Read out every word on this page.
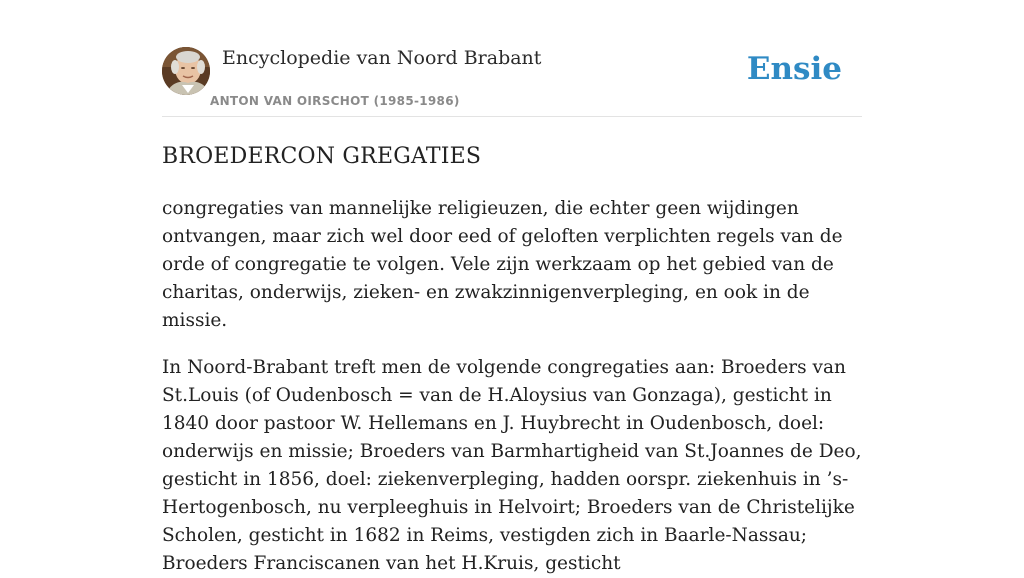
Encyclopedie van Noord Brabant
ANTON VAN OIRSCHOT (1985-1986)
Ensie
BROEDERCON GREGATIES

congregaties van mannelijke religieuzen, die echter geen wijdingen ontvangen, maar zich wel door eed of geloften verplichten regels van de orde of congregatie te volgen. Vele zijn werkzaam op het gebied van de charitas, onderwijs, zieken- en zwakzinnigenverpleging, en ook in de missie.

In Noord-Brabant treft men de volgende congregaties aan: Broeders van St.Louis (of Oudenbosch = van de H.Aloysius van Gonzaga), gesticht in 1840 door pastoor W. Hellemans en J. Huybrecht in Oudenbosch, doel: onderwijs en missie; Broeders van Barmhartigheid van St.Joannes de Deo, gesticht in 1856, doel: ziekenverpleging, hadden oorspr. ziekenhuis in ’s-Hertogenbosch, nu verpleeghuis in Helvoirt; Broeders van de Christelijke Scholen, gesticht in 1682 in Reims, vestigden zich in Baarle-Nassau; Broeders Franciscanen van het H.Kruis, gesticht
